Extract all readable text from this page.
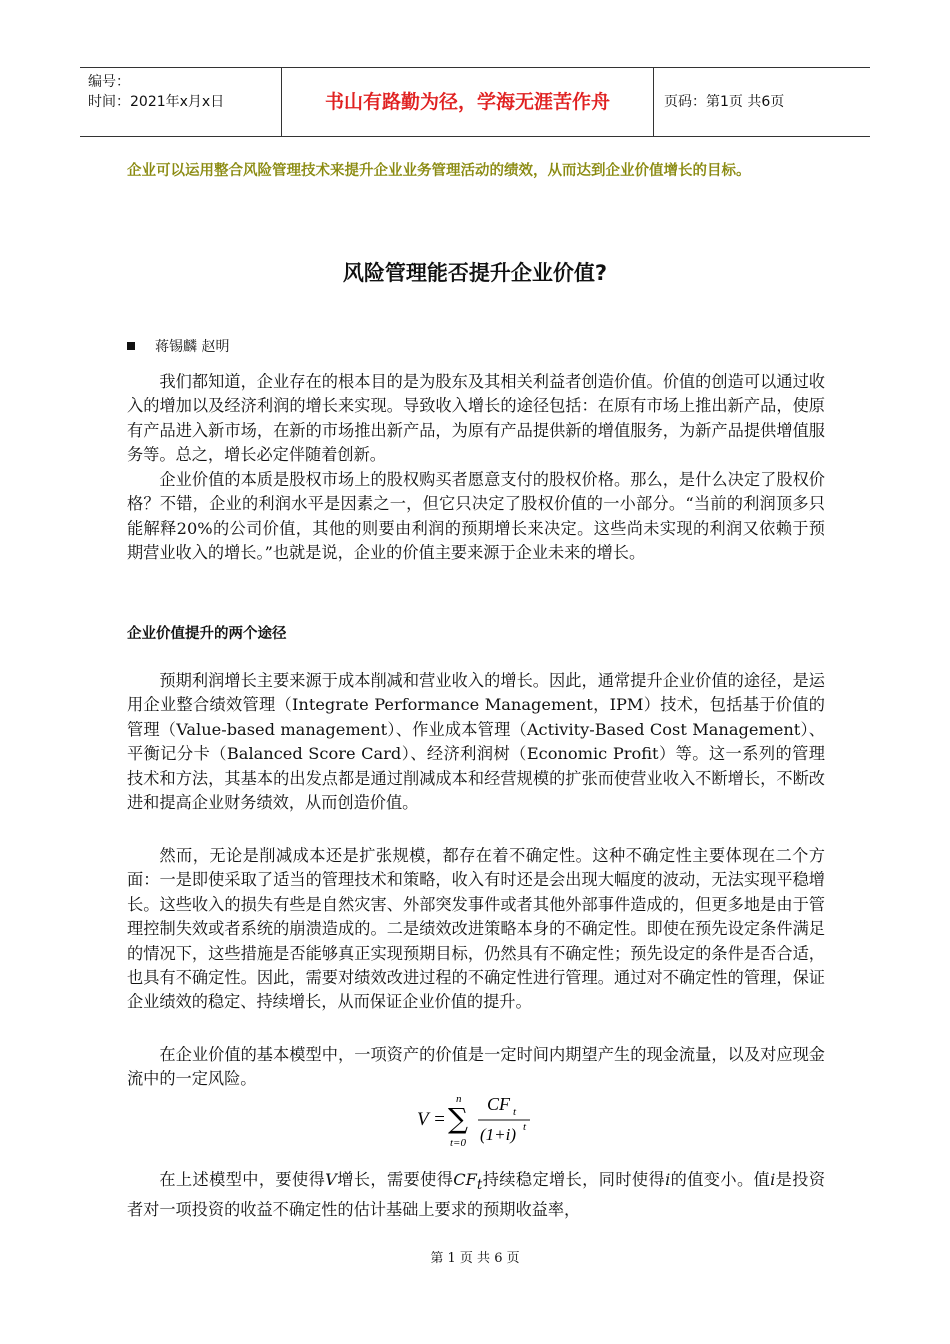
编号：
时间：2021年x月x日	书山有路勤为径，学海无涯苦作舟	页码：第1页 共6页
企业可以运用整合风险管理技术来提升企业业务管理活动的绩效，从而达到企业价值增长的目标。
风险管理能否提升企业价值?
蒋锡麟 赵明

我们都知道，企业存在的根本目的是为股东及其相关利益者创造价值。价值的创造可以通过收入的增加以及经济利润的增长来实现。导致收入增长的途径包括：在原有市场上推出新产品，使原有产品进入新市场，在新的市场推出新产品，为原有产品提供新的增值服务，为新产品提供增值服务等。总之，增长必定伴随着创新。

企业价值的本质是股权市场上的股权购买者愿意支付的股权价格。那么，是什么决定了股权价格？不错，企业的利润水平是因素之一，但它只决定了股权价值的一小部分。“当前的利润顶多只能解释20%的公司价值，其他的则要由利润的预期增长来决定。这些尚未实现的利润又依赖于预期营业收入的增长。”也就是说，企业的价值主要来源于企业未来的增长。

企业价值提升的两个途径

预期利润增长主要来源于成本削减和营业收入的增长。因此，通常提升企业价值的途径，是运用企业整合绩效管理（Integrate Performance Management，IPM）技术，包括基于价值的管理（Value-based management）、作业成本管理（Activity-Based Cost Management）、平衡记分卡（Balanced Score Card）、经济利润树（Economic Profit）等。这一系列的管理技术和方法，其基本的出发点都是通过削减成本和经营规模的扩张而使营业收入不断增长，不断改进和提高企业财务绩效，从而创造价值。

然而，无论是削减成本还是扩张规模，都存在着不确定性。这种不确定性主要体现在二个方面：一是即使采取了适当的管理技术和策略，收入有时还是会出现大幅度的波动，无法实现平稳增长。这些收入的损失有些是自然灾害、外部突发事件或者其他外部事件造成的，但更多地是由于管理控制失效或者系统的崩溃造成的。二是绩效改进策略本身的不确定性。即使在预先设定条件满足的情况下，这些措施是否能够真正实现预期目标，仍然具有不确定性；预先设定的条件是否合适，也具有不确定性。因此，需要对绩效改进过程的不确定性进行管理。通过对不确定性的管理，保证企业绩效的稳定、持续增长，从而保证企业价值的提升。

在企业价值的基本模型中，一项资产的价值是一定时间内期望产生的现金流量，以及对应现金流中的一定风险。

V = ∑
n
t=0
CF t
(1+i) t

在上述模型中，要使得V增长，需要使得$CF_t$持续稳定增长，同时使得i的值变小。值i是投资者对一项投资的收益不确定性的估计基础上要求的预期收益率，

第 1 页 共 6 页
